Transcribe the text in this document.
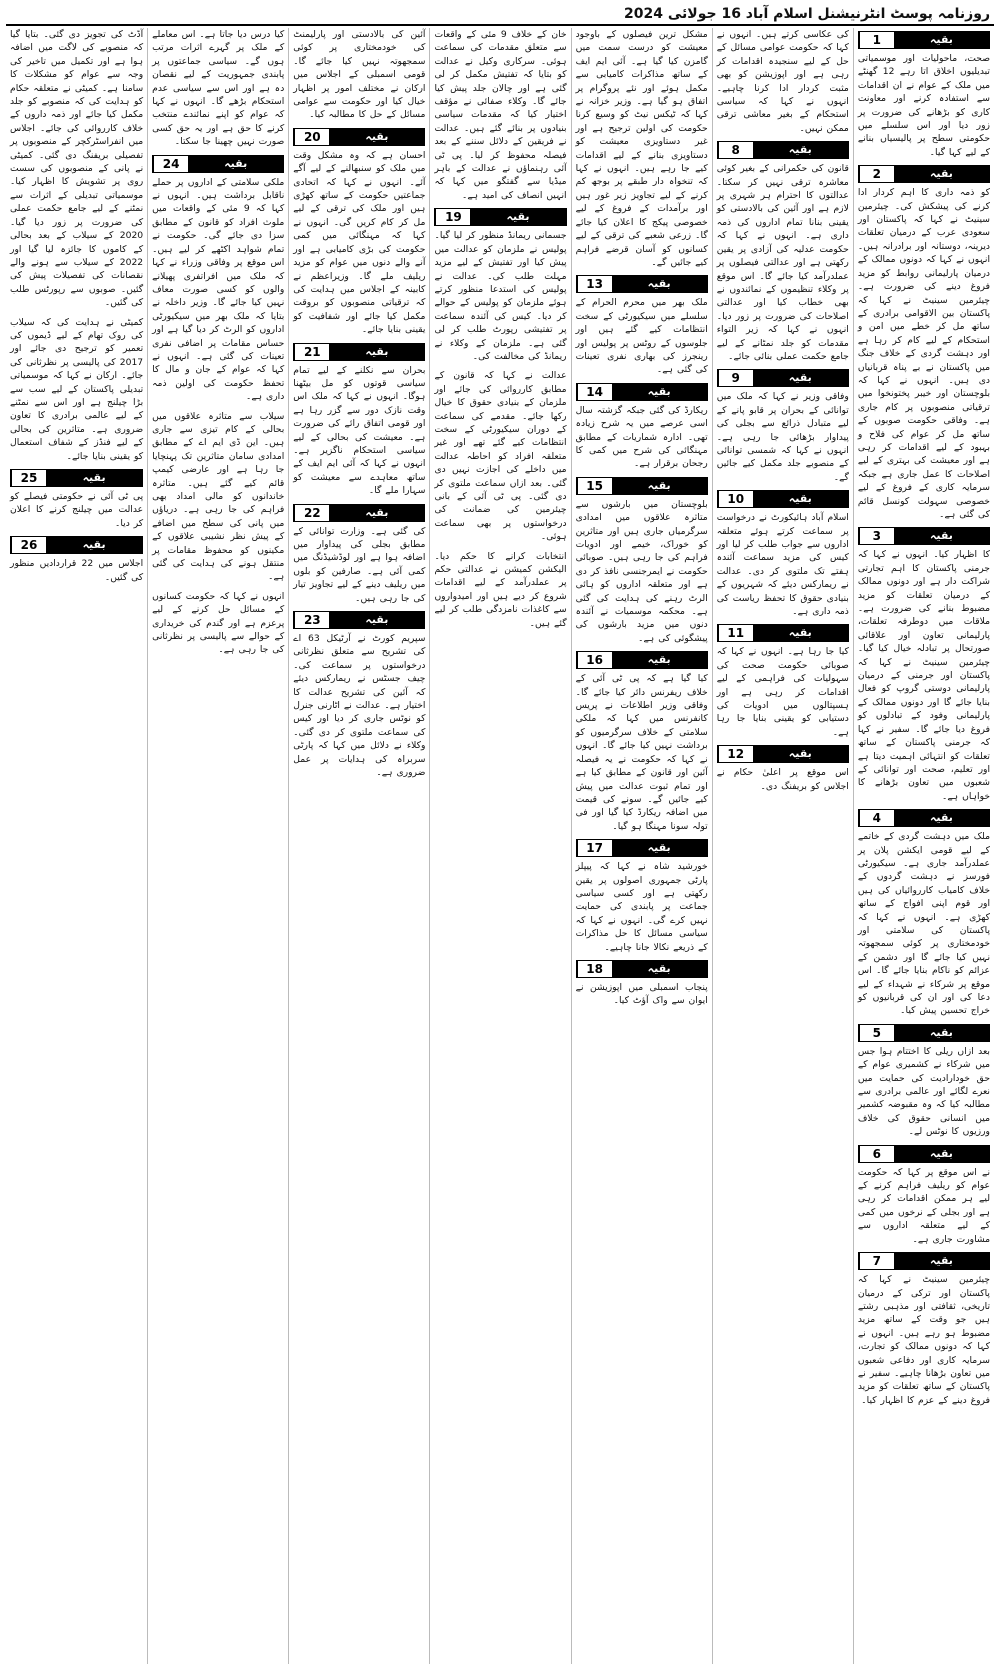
روزنامہ پوسٹ انٹرنیشنل اسلام آباد 16 جولائی 2024
1	بقیہ
صحت، ماحولیات اور موسمیاتی تبدیلیوں اخلاق اتا رہے 12 گھنٹے میں ملک کے عوام نے ان اقدامات سے استفادہ کرنے اور معاونت کاری کو بڑھانے کی ضرورت پر زور دیا اور اس سلسلے میں حکومتی سطح پر پالیسیاں بنانے کے لیے کہا گیا۔
2	بقیہ
کو ذمہ داری کا اہم کردار ادا کرنے کی پیشکش کی۔ چیئرمین سینیٹ نے کہا کہ پاکستان اور سعودی عرب کے درمیان تعلقات دیرینہ، دوستانہ اور برادرانہ ہیں۔ انہوں نے کہا کہ دونوں ممالک کے درمیان پارلیمانی روابط کو مزید فروغ دینے کی ضرورت ہے۔ چیئرمین سینیٹ نے کہا کہ پاکستان بین الاقوامی برادری کے ساتھ مل کر خطے میں امن و استحکام کے لیے کام کر رہا ہے اور دہشت گردی کے خلاف جنگ میں پاکستان نے بے پناہ قربانیاں دی ہیں۔ انہوں نے کہا کہ بلوچستان اور خیبر پختونخوا میں ترقیاتی منصوبوں پر کام جاری ہے۔ وفاقی حکومت صوبوں کے ساتھ مل کر عوام کی فلاح و بہبود کے لیے اقدامات کر رہی ہے اور معیشت کی بہتری کے لیے اصلاحات کا عمل جاری ہے جبکہ سرمایہ کاری کے فروغ کے لیے خصوصی سہولت کونسل قائم کی گئی ہے۔
3	بقیہ
کا اظہار کیا۔ انہوں نے کہا کہ جرمنی پاکستان کا اہم تجارتی شراکت دار ہے اور دونوں ممالک کے درمیان تعلقات کو مزید مضبوط بنانے کی ضرورت ہے۔ ملاقات میں دوطرفہ تعلقات، پارلیمانی تعاون اور علاقائی صورتحال پر تبادلہ خیال کیا گیا۔ چیئرمین سینیٹ نے کہا کہ پاکستان اور جرمنی کے درمیان پارلیمانی دوستی گروپ کو فعال بنایا جائے گا اور دونوں ممالک کے پارلیمانی وفود کے تبادلوں کو فروغ دیا جائے گا۔ سفیر نے کہا کہ جرمنی پاکستان کے ساتھ تعلقات کو انتہائی اہمیت دیتا ہے اور تعلیم، صحت اور توانائی کے شعبوں میں تعاون بڑھانے کا خواہاں ہے۔
4	بقیہ
ملک میں دہشت گردی کے خاتمے کے لیے قومی ایکشن پلان پر عملدرآمد جاری ہے۔ سیکیورٹی فورسز نے دہشت گردوں کے خلاف کامیاب کارروائیاں کی ہیں اور قوم اپنی افواج کے ساتھ کھڑی ہے۔ انہوں نے کہا کہ پاکستان کی سلامتی اور خودمختاری پر کوئی سمجھوتہ نہیں کیا جائے گا اور دشمن کے عزائم کو ناکام بنایا جائے گا۔ اس موقع پر شرکاء نے شہداء کے لیے دعا کی اور ان کی قربانیوں کو خراج تحسین پیش کیا۔
5	بقیہ
بعد ازاں ریلی کا اختتام ہوا جس میں شرکاء نے کشمیری عوام کے حق خودارادیت کی حمایت میں نعرے لگائے اور عالمی برادری سے مطالبہ کیا کہ وہ مقبوضہ کشمیر میں انسانی حقوق کی خلاف ورزیوں کا نوٹس لے۔
6	بقیہ
نے اس موقع پر کہا کہ حکومت عوام کو ریلیف فراہم کرنے کے لیے ہر ممکن اقدامات کر رہی ہے اور بجلی کے نرخوں میں کمی کے لیے متعلقہ اداروں سے مشاورت جاری ہے۔
7	بقیہ
چیئرمین سینیٹ نے کہا کہ پاکستان اور ترکی کے درمیان تاریخی، ثقافتی اور مذہبی رشتے ہیں جو وقت کے ساتھ مزید مضبوط ہو رہے ہیں۔ انہوں نے کہا کہ دونوں ممالک کو تجارت، سرمایہ کاری اور دفاعی شعبوں میں تعاون بڑھانا چاہیے۔ سفیر نے پاکستان کے ساتھ تعلقات کو مزید فروغ دینے کے عزم کا اظہار کیا۔
کی عکاسی کرتے ہیں۔ انہوں نے کہا کہ حکومت عوامی مسائل کے حل کے لیے سنجیدہ اقدامات کر رہی ہے اور اپوزیشن کو بھی مثبت کردار ادا کرنا چاہیے۔ انہوں نے کہا کہ سیاسی استحکام کے بغیر معاشی ترقی ممکن نہیں۔
8	بقیہ
قانون کی حکمرانی کے بغیر کوئی معاشرہ ترقی نہیں کر سکتا۔ عدالتوں کا احترام ہر شہری پر لازم ہے اور آئین کی بالادستی کو یقینی بنانا تمام اداروں کی ذمہ داری ہے۔ انہوں نے کہا کہ حکومت عدلیہ کی آزادی پر یقین رکھتی ہے اور عدالتی فیصلوں پر عملدرآمد کیا جائے گا۔ اس موقع پر وکلاء تنظیموں کے نمائندوں نے بھی خطاب کیا اور عدالتی اصلاحات کی ضرورت پر زور دیا۔ انہوں نے کہا کہ زیر التواء مقدمات کو جلد نمٹانے کے لیے جامع حکمت عملی بنائی جائے۔
9	بقیہ
وفاقی وزیر نے کہا کہ ملک میں توانائی کے بحران پر قابو پانے کے لیے متبادل ذرائع سے بجلی کی پیداوار بڑھائی جا رہی ہے۔ انہوں نے کہا کہ شمسی توانائی کے منصوبے جلد مکمل کیے جائیں گے۔
10	بقیہ
اسلام آباد ہائیکورٹ نے درخواست پر سماعت کرتے ہوئے متعلقہ اداروں سے جواب طلب کر لیا اور کیس کی مزید سماعت آئندہ ہفتے تک ملتوی کر دی۔ عدالت نے ریمارکس دیئے کہ شہریوں کے بنیادی حقوق کا تحفظ ریاست کی ذمہ داری ہے۔
11	بقیہ
کیا جا رہا ہے۔ انہوں نے کہا کہ صوبائی حکومت صحت کی سہولیات کی فراہمی کے لیے اقدامات کر رہی ہے اور ہسپتالوں میں ادویات کی دستیابی کو یقینی بنایا جا رہا ہے۔
12	بقیہ
اس موقع پر اعلیٰ حکام نے اجلاس کو بریفنگ دی۔
مشکل ترین فیصلوں کے باوجود معیشت کو درست سمت میں گامزن کیا گیا ہے۔ آئی ایم ایف کے ساتھ مذاکرات کامیابی سے مکمل ہوئے اور نئے پروگرام پر اتفاق ہو گیا ہے۔ وزیر خزانہ نے کہا کہ ٹیکس نیٹ کو وسیع کرنا حکومت کی اولین ترجیح ہے اور غیر دستاویزی معیشت کو دستاویزی بنانے کے لیے اقدامات کیے جا رہے ہیں۔ انہوں نے کہا کہ تنخواہ دار طبقے پر بوجھ کم کرنے کے لیے تجاویز زیر غور ہیں اور برآمدات کے فروغ کے لیے خصوصی پیکج کا اعلان کیا جائے گا۔ زرعی شعبے کی ترقی کے لیے کسانوں کو آسان قرضے فراہم کیے جائیں گے۔
13	بقیہ
ملک بھر میں محرم الحرام کے سلسلے میں سیکیورٹی کے سخت انتظامات کیے گئے ہیں اور جلوسوں کے روٹس پر پولیس اور رینجرز کی بھاری نفری تعینات کی گئی ہے۔
14	بقیہ
ریکارڈ کی گئی جبکہ گزشتہ سال اسی عرصے میں یہ شرح زیادہ تھی۔ ادارہ شماریات کے مطابق مہنگائی کی شرح میں کمی کا رجحان برقرار ہے۔
15	بقیہ
بلوچستان میں بارشوں سے متاثرہ علاقوں میں امدادی سرگرمیاں جاری ہیں اور متاثرین کو خوراک، خیمے اور ادویات فراہم کی جا رہی ہیں۔ صوبائی حکومت نے ایمرجنسی نافذ کر دی ہے اور متعلقہ اداروں کو ہائی الرٹ رہنے کی ہدایت کی گئی ہے۔ محکمہ موسمیات نے آئندہ دنوں میں مزید بارشوں کی پیشگوئی کی ہے۔
16	بقیہ
کیا گیا ہے کہ پی ٹی آئی کے خلاف ریفرنس دائر کیا جائے گا۔ وفاقی وزیر اطلاعات نے پریس کانفرنس میں کہا کہ ملکی سلامتی کے خلاف سرگرمیوں کو برداشت نہیں کیا جائے گا۔ انہوں نے کہا کہ حکومت نے یہ فیصلہ آئین اور قانون کے مطابق کیا ہے اور تمام ثبوت عدالت میں پیش کیے جائیں گے۔ سونے کی قیمت میں اضافہ ریکارڈ کیا گیا اور فی تولہ سونا مہنگا ہو گیا۔
17	بقیہ
خورشید شاہ نے کہا کہ پیپلز پارٹی جمہوری اصولوں پر یقین رکھتی ہے اور کسی سیاسی جماعت پر پابندی کی حمایت نہیں کرے گی۔ انہوں نے کہا کہ سیاسی مسائل کا حل مذاکرات کے ذریعے نکالا جانا چاہیے۔
18	بقیہ
پنجاب اسمبلی میں اپوزیشن نے ایوان سے واک آؤٹ کیا۔
خان کے خلاف 9 مئی کے واقعات سے متعلق مقدمات کی سماعت ہوئی۔ سرکاری وکیل نے عدالت کو بتایا کہ تفتیش مکمل کر لی گئی ہے اور چالان جلد پیش کیا جائے گا۔ وکلاء صفائی نے مؤقف اختیار کیا کہ مقدمات سیاسی بنیادوں پر بنائے گئے ہیں۔ عدالت نے فریقین کے دلائل سننے کے بعد فیصلہ محفوظ کر لیا۔ پی ٹی آئی رہنماؤں نے عدالت کے باہر میڈیا سے گفتگو میں کہا کہ انہیں انصاف کی امید ہے۔
19	بقیہ
جسمانی ریمانڈ منظور کر لیا گیا۔ پولیس نے ملزمان کو عدالت میں پیش کیا اور تفتیش کے لیے مزید مہلت طلب کی۔ عدالت نے پولیس کی استدعا منظور کرتے ہوئے ملزمان کو پولیس کے حوالے کر دیا۔ کیس کی آئندہ سماعت پر تفتیشی رپورٹ طلب کر لی گئی ہے۔ ملزمان کے وکلاء نے ریمانڈ کی مخالفت کی۔
عدالت نے کہا کہ قانون کے مطابق کارروائی کی جائے اور ملزمان کے بنیادی حقوق کا خیال رکھا جائے۔ مقدمے کی سماعت کے دوران سیکیورٹی کے سخت انتظامات کیے گئے تھے اور غیر متعلقہ افراد کو احاطہ عدالت میں داخلے کی اجازت نہیں دی گئی۔ بعد ازاں سماعت ملتوی کر دی گئی۔ پی ٹی آئی کے بانی چیئرمین کی ضمانت کی درخواستوں پر بھی سماعت ہوئی۔
انتخابات کرانے کا حکم دیا۔ الیکشن کمیشن نے عدالتی حکم پر عملدرآمد کے لیے اقدامات شروع کر دیے ہیں اور امیدواروں سے کاغذات نامزدگی طلب کر لیے گئے ہیں۔
آئین کی بالادستی اور پارلیمنٹ کی خودمختاری پر کوئی سمجھوتہ نہیں کیا جائے گا۔ قومی اسمبلی کے اجلاس میں ارکان نے مختلف امور پر اظہار خیال کیا اور حکومت سے عوامی مسائل کے حل کا مطالبہ کیا۔
20	بقیہ
احسان ہے کہ وہ مشکل وقت میں ملک کو سنبھالنے کے لیے آگے آئے۔ انہوں نے کہا کہ اتحادی جماعتیں حکومت کے ساتھ کھڑی ہیں اور ملک کی ترقی کے لیے مل کر کام کریں گی۔ انہوں نے کہا کہ مہنگائی میں کمی حکومت کی بڑی کامیابی ہے اور آنے والے دنوں میں عوام کو مزید ریلیف ملے گا۔ وزیراعظم نے کابینہ کے اجلاس میں ہدایت کی کہ ترقیاتی منصوبوں کو بروقت مکمل کیا جائے اور شفافیت کو یقینی بنایا جائے۔
21	بقیہ
بحران سے نکلنے کے لیے تمام سیاسی قوتوں کو مل بیٹھنا ہوگا۔ انہوں نے کہا کہ ملک اس وقت نازک دور سے گزر رہا ہے اور قومی اتفاق رائے کی ضرورت ہے۔ معیشت کی بحالی کے لیے سیاسی استحکام ناگزیر ہے۔ انہوں نے کہا کہ آئی ایم ایف کے ساتھ معاہدے سے معیشت کو سہارا ملے گا۔
22	بقیہ
کی گئی ہے۔ وزارت توانائی کے مطابق بجلی کی پیداوار میں اضافہ ہوا ہے اور لوڈشیڈنگ میں کمی آئی ہے۔ صارفین کو بلوں میں ریلیف دینے کے لیے تجاویز تیار کی جا رہی ہیں۔
23	بقیہ
سپریم کورٹ نے آرٹیکل 63 اے کی تشریح سے متعلق نظرثانی درخواستوں پر سماعت کی۔ چیف جسٹس نے ریمارکس دیئے کہ آئین کی تشریح عدالت کا اختیار ہے۔ عدالت نے اٹارنی جنرل کو نوٹس جاری کر دیا اور کیس کی سماعت ملتوی کر دی گئی۔ وکلاء نے دلائل میں کہا کہ پارٹی سربراہ کی ہدایات پر عمل ضروری ہے۔
کیا درس دیا جاتا ہے۔ اس معاملے کے ملک پر گہرے اثرات مرتب ہوں گے۔ سیاسی جماعتوں پر پابندی جمہوریت کے لیے نقصان دہ ہے اور اس سے سیاسی عدم استحکام بڑھے گا۔ انہوں نے کہا کہ عوام کو اپنے نمائندے منتخب کرنے کا حق ہے اور یہ حق کسی صورت نہیں چھینا جا سکتا۔
24	بقیہ
ملکی سلامتی کے اداروں پر حملے ناقابل برداشت ہیں۔ انہوں نے کہا کہ 9 مئی کے واقعات میں ملوث افراد کو قانون کے مطابق سزا دی جائے گی۔ حکومت نے تمام شواہد اکٹھے کر لیے ہیں۔ اس موقع پر وفاقی وزراء نے کہا کہ ملک میں افراتفری پھیلانے والوں کو کسی صورت معاف نہیں کیا جائے گا۔ وزیر داخلہ نے بتایا کہ ملک بھر میں سیکیورٹی اداروں کو الرٹ کر دیا گیا ہے اور حساس مقامات پر اضافی نفری تعینات کی گئی ہے۔ انہوں نے کہا کہ عوام کے جان و مال کا تحفظ حکومت کی اولین ذمہ داری ہے۔
سیلاب سے متاثرہ علاقوں میں بحالی کے کام تیزی سے جاری ہیں۔ این ڈی ایم اے کے مطابق امدادی سامان متاثرین تک پہنچایا جا رہا ہے اور عارضی کیمپ قائم کیے گئے ہیں۔ متاثرہ خاندانوں کو مالی امداد بھی فراہم کی جا رہی ہے۔ دریاؤں میں پانی کی سطح میں اضافے کے پیش نظر نشیبی علاقوں کے مکینوں کو محفوظ مقامات پر منتقل ہونے کی ہدایت کی گئی ہے۔
انہوں نے کہا کہ حکومت کسانوں کے مسائل حل کرنے کے لیے پرعزم ہے اور گندم کی خریداری کے حوالے سے پالیسی پر نظرثانی کی جا رہی ہے۔
آڈٹ کی تجویز دی گئی۔ بتایا گیا کہ منصوبے کی لاگت میں اضافہ ہوا ہے اور تکمیل میں تاخیر کی وجہ سے عوام کو مشکلات کا سامنا ہے۔ کمیٹی نے متعلقہ حکام کو ہدایت کی کہ منصوبے کو جلد مکمل کیا جائے اور ذمہ داروں کے خلاف کارروائی کی جائے۔ اجلاس میں انفراسٹرکچر کے منصوبوں پر تفصیلی بریفنگ دی گئی۔ کمیٹی نے پانی کے منصوبوں کی سست روی پر تشویش کا اظہار کیا۔ موسمیاتی تبدیلی کے اثرات سے نمٹنے کے لیے جامع حکمت عملی کی ضرورت پر زور دیا گیا۔ 2020 کے سیلاب کے بعد بحالی کے کاموں کا جائزہ لیا گیا اور 2022 کے سیلاب سے ہونے والے نقصانات کی تفصیلات پیش کی گئیں۔ صوبوں سے رپورٹس طلب کی گئیں۔
کمیٹی نے ہدایت کی کہ سیلاب کی روک تھام کے لیے ڈیموں کی تعمیر کو ترجیح دی جائے اور 2017 کی پالیسی پر نظرثانی کی جائے۔ ارکان نے کہا کہ موسمیاتی تبدیلی پاکستان کے لیے سب سے بڑا چیلنج ہے اور اس سے نمٹنے کے لیے عالمی برادری کا تعاون ضروری ہے۔ متاثرین کی بحالی کے لیے فنڈز کے شفاف استعمال کو یقینی بنایا جائے۔
25	بقیہ
پی ٹی آئی نے حکومتی فیصلے کو عدالت میں چیلنج کرنے کا اعلان کر دیا۔
26	بقیہ
اجلاس میں 22 قراردادیں منظور کی گئیں۔
